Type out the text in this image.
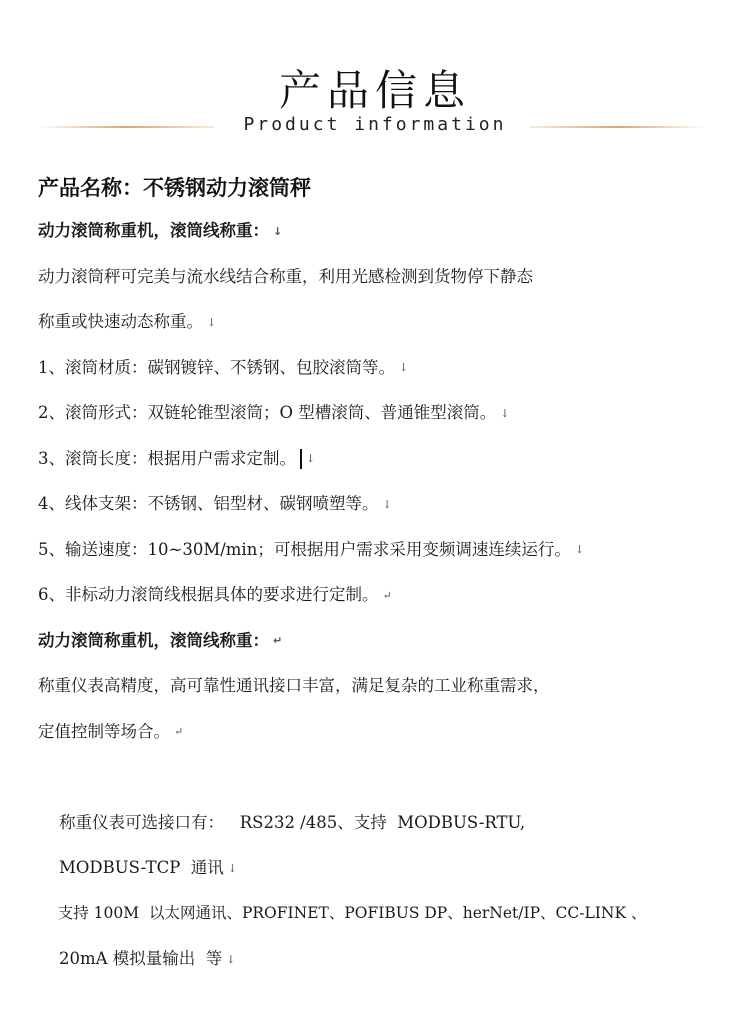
产品信息
Product information
产品名称：不锈钢动力滚筒秤
动力滚筒称重机，滚筒线称重： ↓
动力滚筒秤可完美与流水线结合称重，利用光感检测到货物停下静态
称重或快速动态称重。 ↓
1、滚筒材质：碳钢镀锌、不锈钢、包胶滚筒等。 ↓
2、滚筒形式：双链轮锥型滚筒；O 型槽滚筒、普通锥型滚筒。 ↓
3、滚筒长度：根据用户需求定制。 ↓
4、线体支架：不锈钢、铝型材、碳钢喷塑等。 ↓
5、输送速度：10~30M/min；可根据用户需求采用变频调速连续运行。 ↓
6、非标动力滚筒线根据具体的要求进行定制。 ↵
动力滚筒称重机，滚筒线称重： ↵
称重仪表高精度，高可靠性通讯接口丰富，满足复杂的工业称重需求，
定值控制等场合。 ↵

称重仪表可选接口有：   RS232 /485、支持  MODBUS-RTU,

MODBUS-TCP  通讯 ↓

支持 100M  以太网通讯、PROFINET、POFIBUS DP、herNet/IP、CC-LINK 、

20mA 模拟量输出  等 ↓
